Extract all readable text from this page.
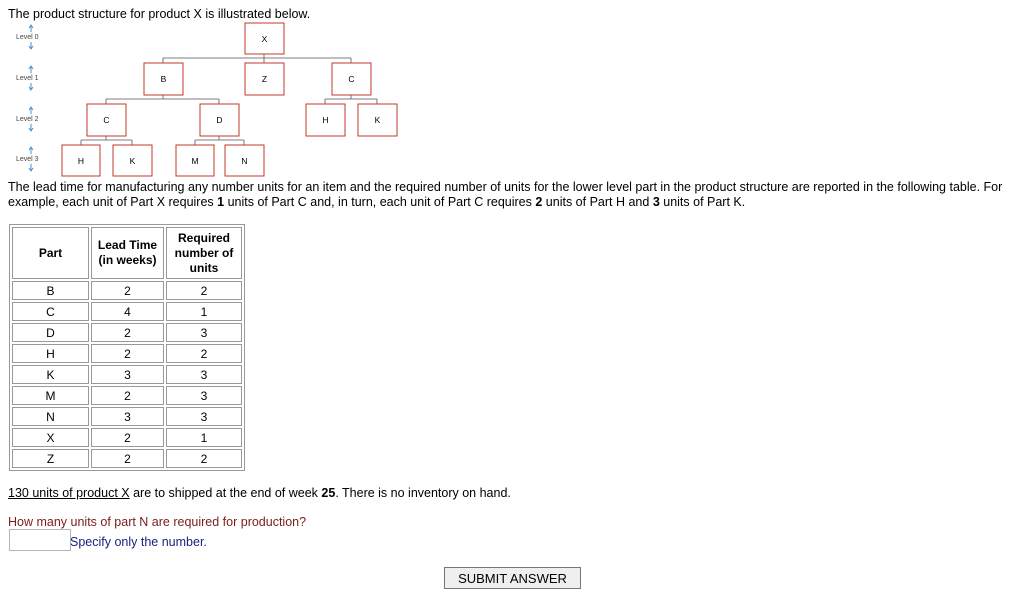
The product structure for product X is illustrated below.
Level 0
Level 1
Level 2
Level 3
X
B	Z	C
C	D	H	K
H	K	M	N
The lead time for manufacturing any number units for an item and the required number of units for the lower level part in the product structure are reported in the following table. For example, each unit of Part X requires 1 units of Part C and, in turn, each unit of Part C requires 2 units of Part H and 3 units of Part K.
Part	Lead Time (in weeks)	Required number of units
B	2	2
C	4	1
D	2	3
H	2	2
K	3	3
M	2	3
N	3	3
X	2	1
Z	2	2
130 units of product X are to shipped at the end of week 25. There is no inventory on hand.
How many units of part N are required for production?
Specify only the number.
SUBMIT ANSWER
